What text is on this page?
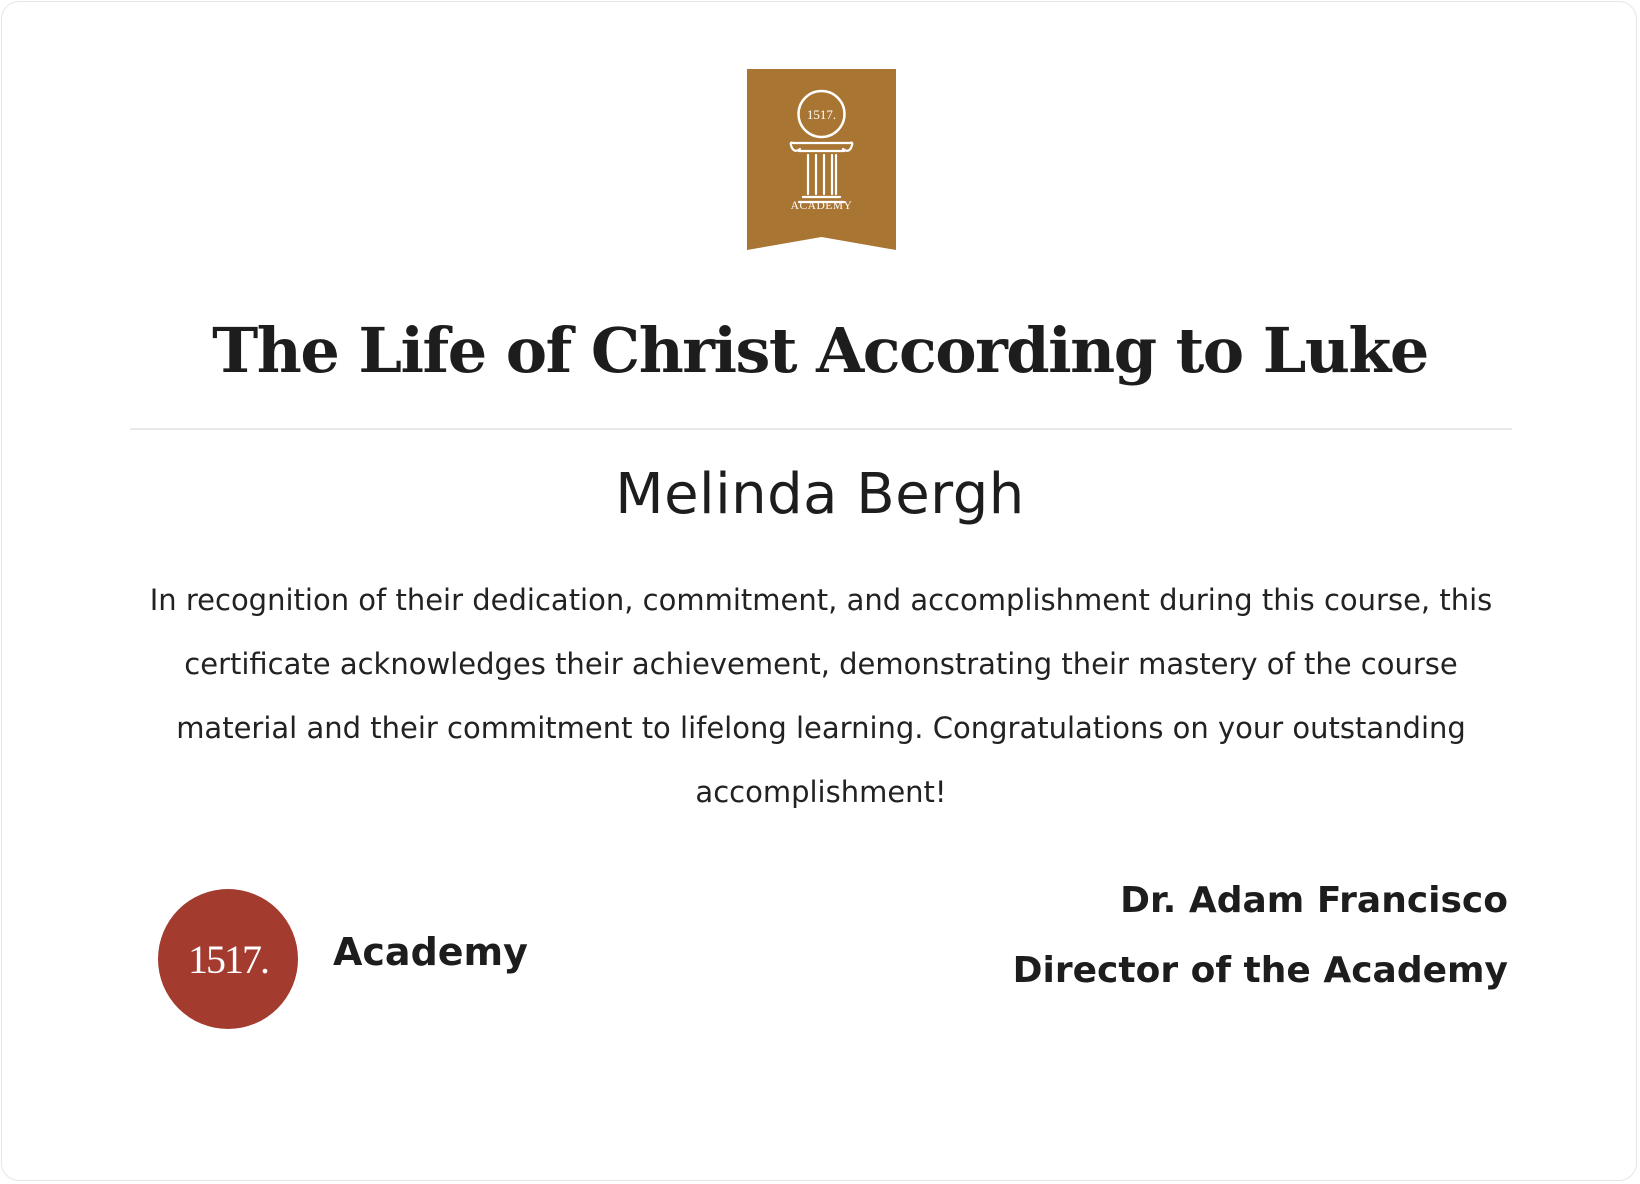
1517.
ACADEMY
The Life of Christ According to Luke
Melinda Bergh

In recognition of their dedication, commitment, and accomplishment during this course, this certificate acknowledges their achievement, demonstrating their mastery of the course material and their commitment to lifelong learning. Congratulations on your outstanding accomplishment!

1517. Academy
Dr. Adam Francisco
Director of the Academy
